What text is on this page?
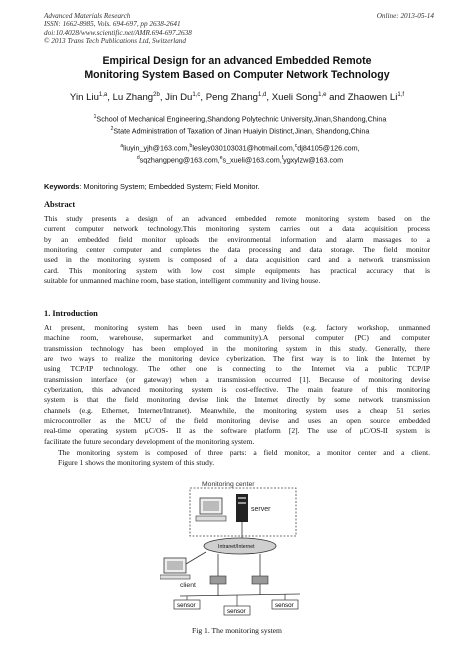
Advanced Materials Research
ISSN: 1662-8985, Vols. 694-697, pp 2638-2641
doi:10.4028/www.scientific.net/AMR.694-697.2638
© 2013 Trans Tech Publications Ltd, Switzerland
Online: 2013-05-14
Empirical Design for an advanced Embedded Remote
Monitoring System Based on Computer Network Technology
Yin Liu$^{1,a}$, Lu Zhang$^{2b}$, Jin Du$^{1,c}$, Peng Zhang$^{1,d}$, Xueli Song$^{1,e}$ and Zhaowen Li$^{1,f}$
$^1$School of Mechanical Engineering,Shandong Polytechnic University,Jinan,Shandong,China
$^2$State Administration of Taxation of Jinan Huaiyin Distinct,Jinan, Shandong,China
$^a$liuyin_yjh@163.com,$^b$lesley030103031@hotmail.com,$^c$dj84105@126.com,
$^d$sqzhangpeng@163.com,$^e$s_xueli@163.com,$^f$ygxylzw@163.com
Keywords: Monitoring System; Embedded System; Field Monitor.
Abstract
This study presents a design of an advanced embedded remote monitoring system based on the
current computer network technology.This monitoring system carries out a data acquisition process
by an embedded field monitor uploads the environmental information and alarm massages to a
monitoring center computer and completes the data processing and data storage. The field monitor
used in the monitoring system is composed of a data acquisition card and a network transmission
card. This monitoring system with low cost simple equipments has practical accuracy that is
suitable for unmanned machine room, base station, intelligent community and living house.
1. Introduction
At present, monitoring system has been used in many fields (e.g. factory workshop, unmanned
machine room, warehouse, supermarket and community).A personal computer (PC) and computer
transmission technology has been employed in the monitoring system in this study. Generally, there
are two ways to realize the monitoring device cyberization. The first way is to link the Internet by
using TCP/IP technology. The other one is connecting to the Internet via a public TCP/IP
transmission interface (or gateway) when a transmission occurred [1]. Because of monitoring devise
cyberization, this advanced monitoring system is cost-effective. The main feature of this monitoring
system is that the field monitoring devise link the Internet directly by some network transmission
channels (e.g. Ethernet, Internet/Intranet). Meanwhile, the monitoring system uses a cheap 51 series
microcontroller as the MCU of the field monitoring devise and uses an open source embedded
real-time operating system μC/OS- II as the software platform [2]. The use of μC/OS-II system is
facilitate the future secondary development of the monitoring system.
The monitoring system is composed of three parts: a field monitor, a monitor center and a client.
Figure 1 shows the monitoring system of this study.
Monitoring center
server
Intranet/Internet
client
sensor
sensor
sensor
Fig 1. The monitoring system
